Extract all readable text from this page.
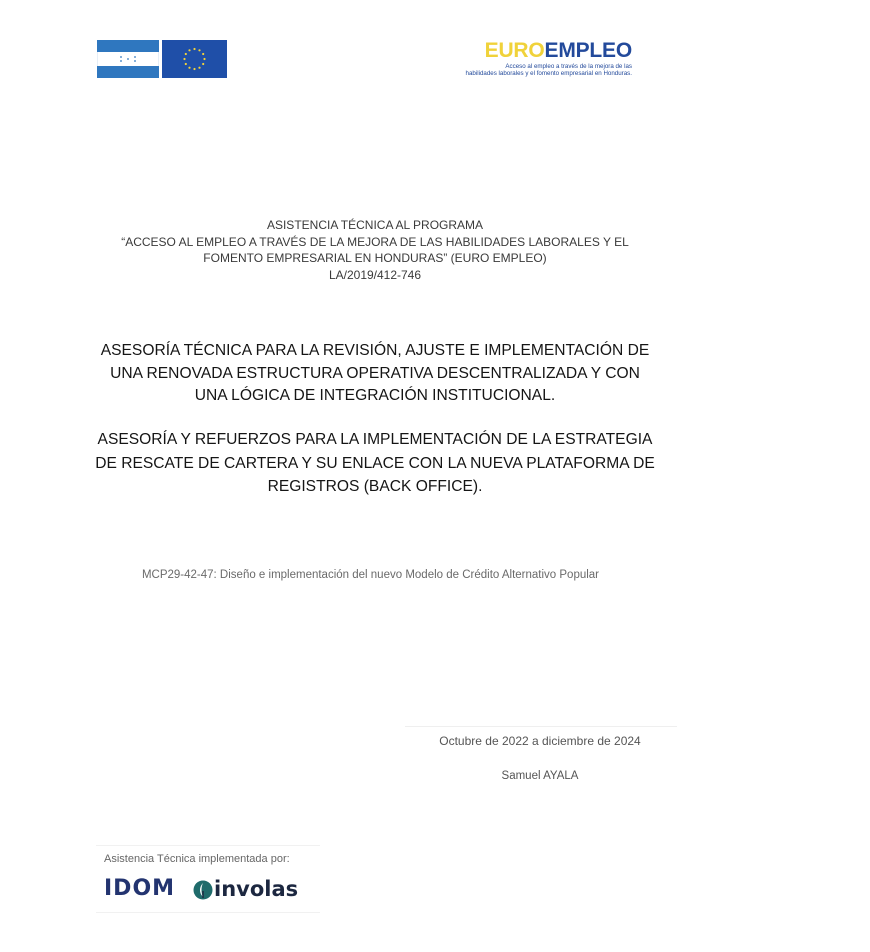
EUROEMPLEO
Acceso al empleo a través de la mejora de las
habilidades laborales y el fomento empresarial en Honduras.
ASISTENCIA TÉCNICA AL PROGRAMA
“ACCESO AL EMPLEO A TRAVÉS DE LA MEJORA DE LAS HABILIDADES LABORALES Y EL
FOMENTO EMPRESARIAL EN HONDURAS” (EURO EMPLEO)
LA/2019/412-746
ASESORÍA TÉCNICA PARA LA REVISIÓN, AJUSTE E IMPLEMENTACIÓN DE
UNA RENOVADA ESTRUCTURA OPERATIVA DESCENTRALIZADA Y CON
UNA LÓGICA DE INTEGRACIÓN INSTITUCIONAL.
ASESORÍA Y REFUERZOS PARA LA IMPLEMENTACIÓN DE LA ESTRATEGIA
DE RESCATE DE CARTERA Y SU ENLACE CON LA NUEVA PLATAFORMA DE
REGISTROS (BACK OFFICE).
MCP29-42-47: Diseño e implementación del nuevo Modelo de Crédito Alternativo Popular
Octubre de 2022 a diciembre de 2024
Samuel AYALA
Asistencia Técnica implementada por:
IDOM involas
